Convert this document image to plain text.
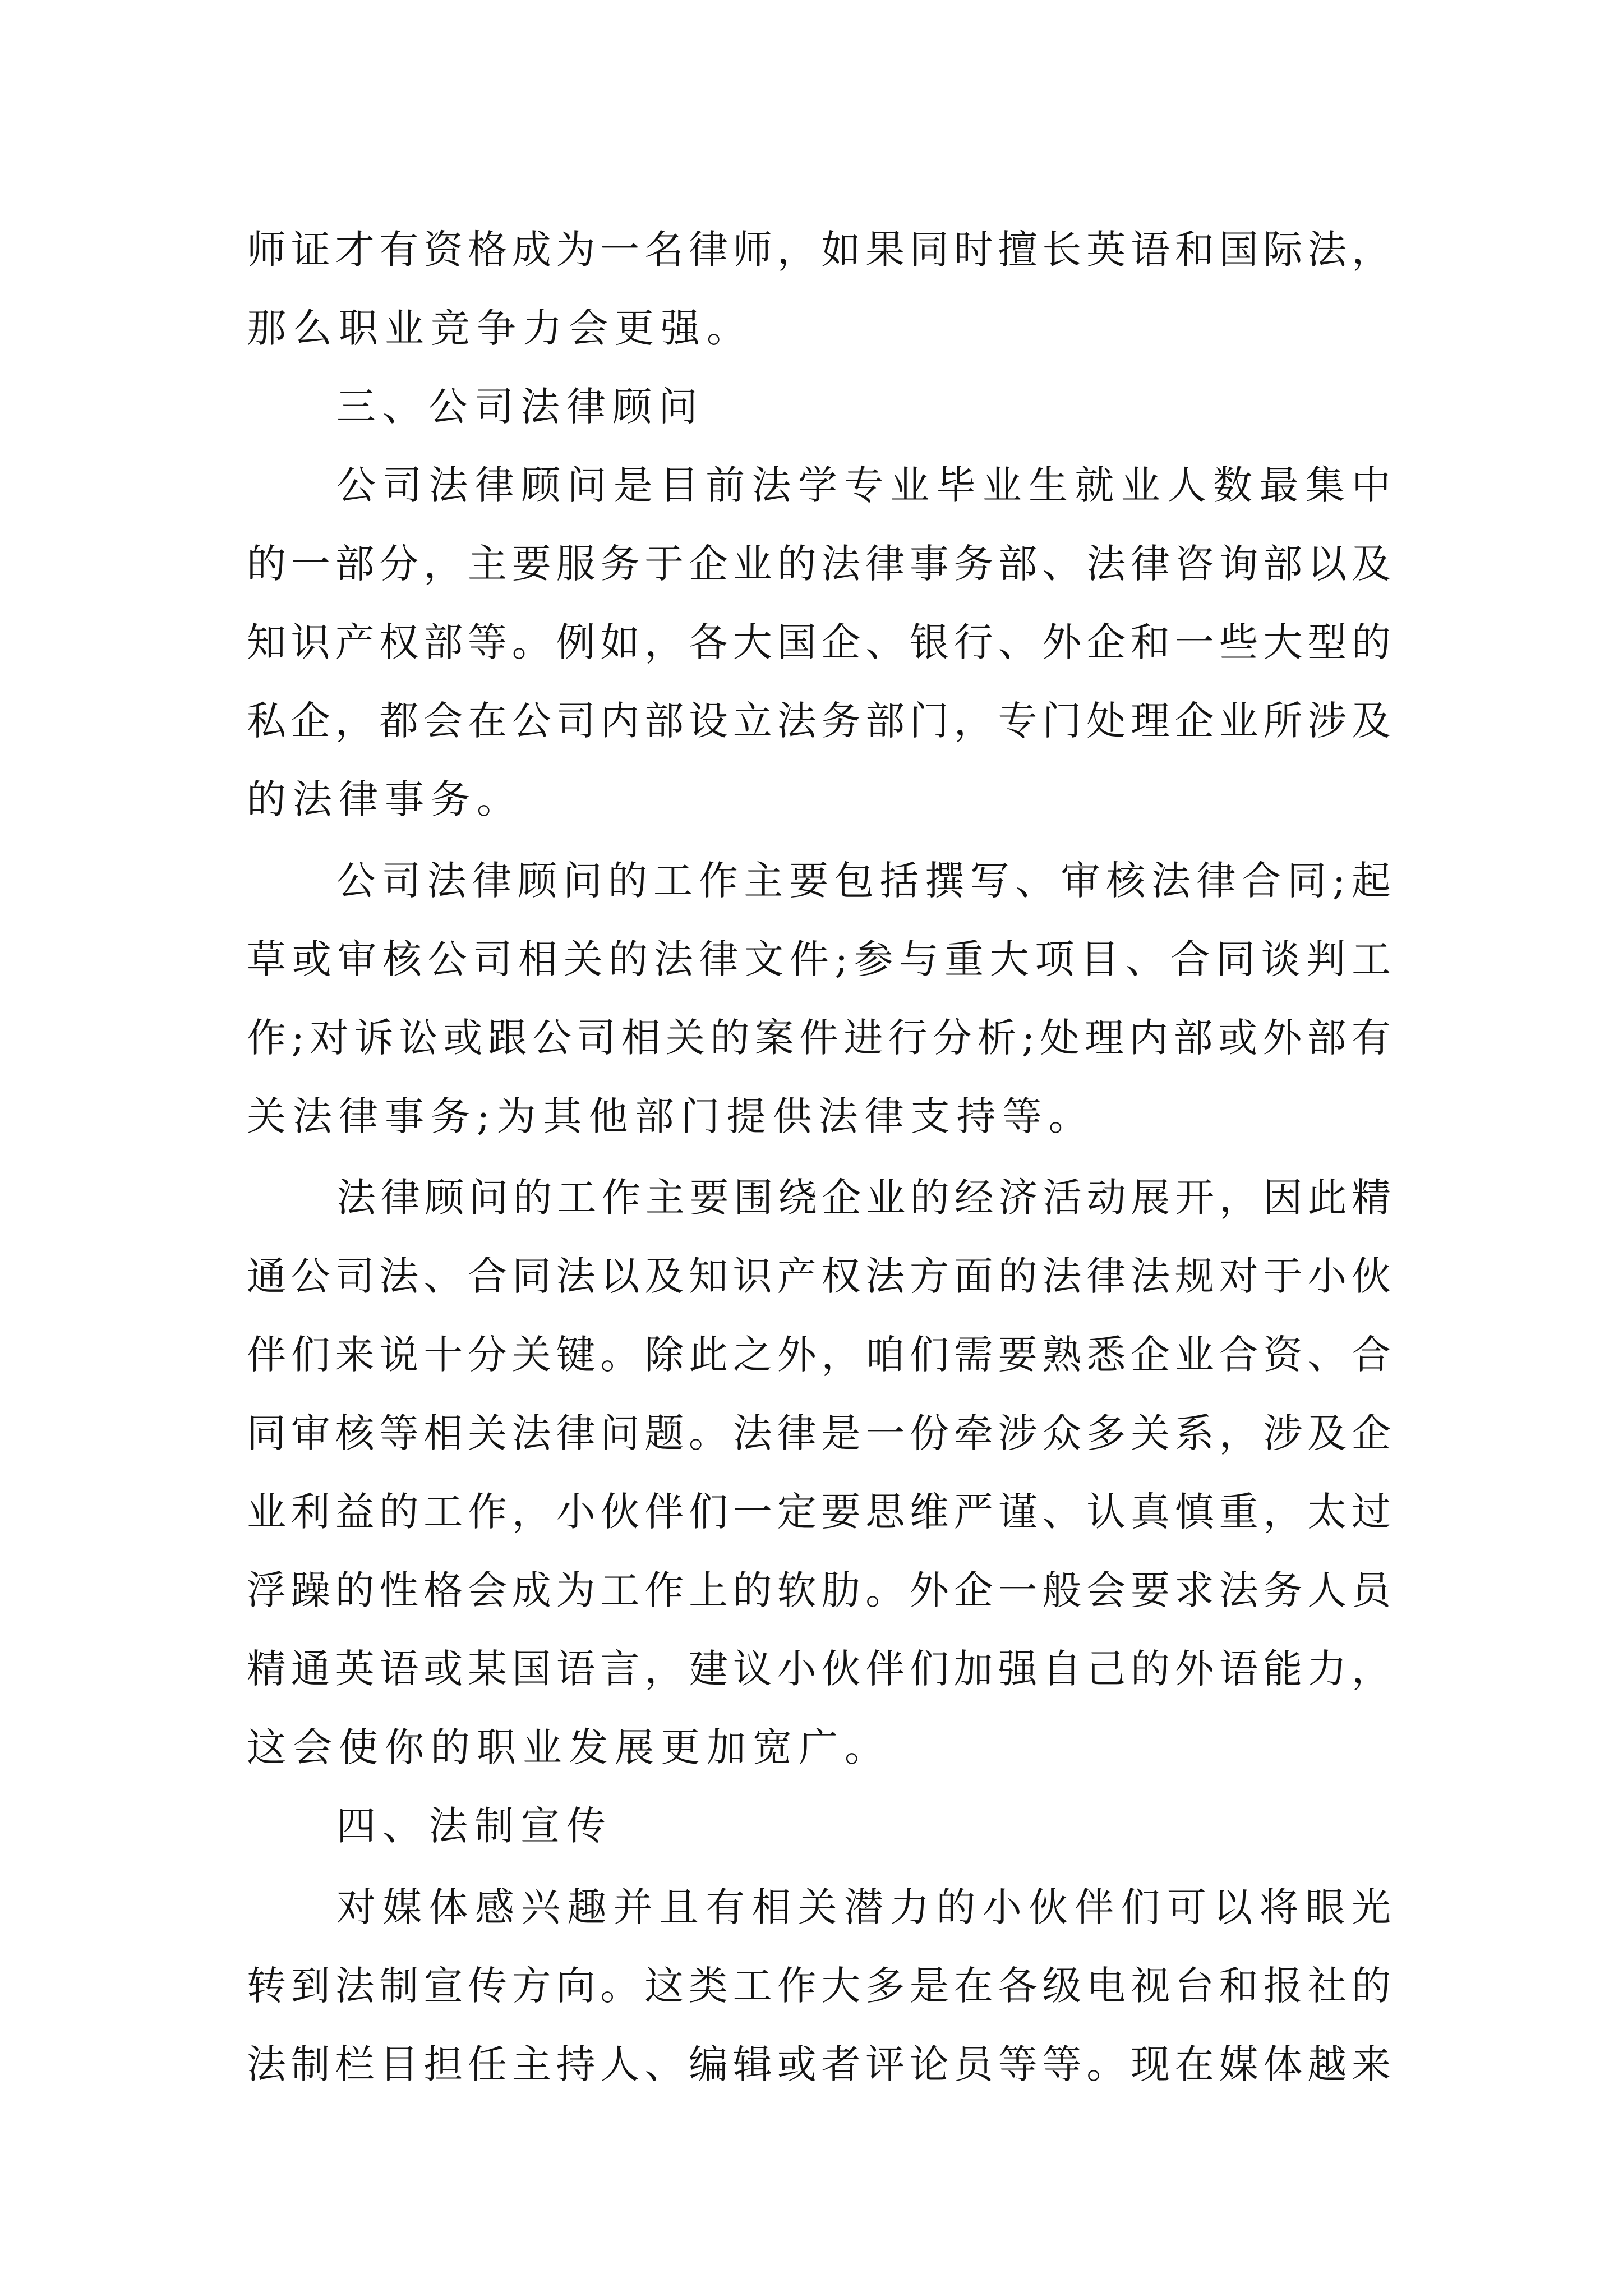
师证才有资格成为一名律师，如果同时擅长英语和国际法，
那么职业竞争力会更强。
三、公司法律顾问
公司法律顾问是目前法学专业毕业生就业人数最集中
的一部分，主要服务于企业的法律事务部、法律咨询部以及
知识产权部等。例如，各大国企、银行、外企和一些大型的
私企，都会在公司内部设立法务部门，专门处理企业所涉及
的法律事务。
公司法律顾问的工作主要包括撰写、审核法律合同;起
草或审核公司相关的法律文件;参与重大项目、合同谈判工
作;对诉讼或跟公司相关的案件进行分析;处理内部或外部有
关法律事务;为其他部门提供法律支持等。
法律顾问的工作主要围绕企业的经济活动展开，因此精
通公司法、合同法以及知识产权法方面的法律法规对于小伙
伴们来说十分关键。除此之外，咱们需要熟悉企业合资、合
同审核等相关法律问题。法律是一份牵涉众多关系，涉及企
业利益的工作，小伙伴们一定要思维严谨、认真慎重，太过
浮躁的性格会成为工作上的软肋。外企一般会要求法务人员
精通英语或某国语言，建议小伙伴们加强自己的外语能力，
这会使你的职业发展更加宽广。
四、法制宣传
对媒体感兴趣并且有相关潜力的小伙伴们可以将眼光
转到法制宣传方向。这类工作大多是在各级电视台和报社的
法制栏目担任主持人、编辑或者评论员等等。现在媒体越来
